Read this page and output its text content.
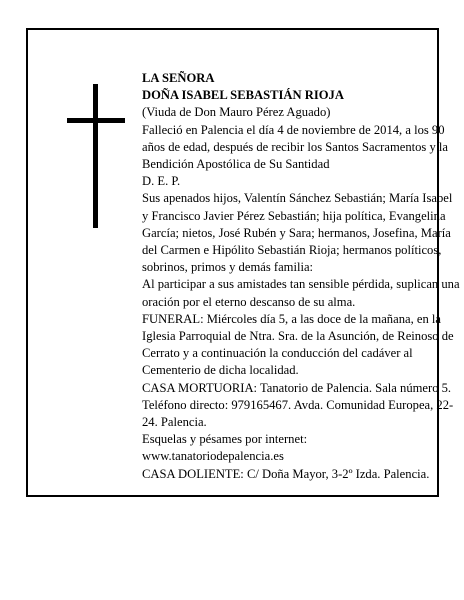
LA SEÑORA

DOÑA ISABEL SEBASTIÁN RIOJA

(Viuda de Don Mauro Pérez Aguado)

Falleció en Palencia el día 4 de noviembre de 2014, a los 90 años de edad, después de recibir los Santos Sacramentos y la Bendición Apostólica de Su Santidad

D. E. P.

Sus apenados hijos, Valentín Sánchez Sebastián; María Isabel y Francisco Javier Pérez Sebastián; hija política, Evangelina García; nietos, José Rubén y Sara; hermanos, Josefina, María del Carmen e Hipólito Sebastián Rioja; hermanos políticos, sobrinos, primos y demás familia:

Al participar a sus amistades tan sensible pérdida, suplican una oración por el eterno descanso de su alma.

FUNERAL: Miércoles día 5, a las doce de la mañana, en la Iglesia Parroquial de Ntra. Sra. de la Asunción, de Reinoso de Cerrato y a continuación la conducción del cadáver al Cementerio de dicha localidad.

CASA MORTUORIA: Tanatorio de Palencia. Sala número 5. Teléfono directo: 979165467. Avda. Comunidad Europea, 22-24. Palencia.

Esquelas y pésames por internet:

www.tanatoriodepalencia.es

CASA DOLIENTE: C/ Doña Mayor, 3-2º Izda. Palencia.
